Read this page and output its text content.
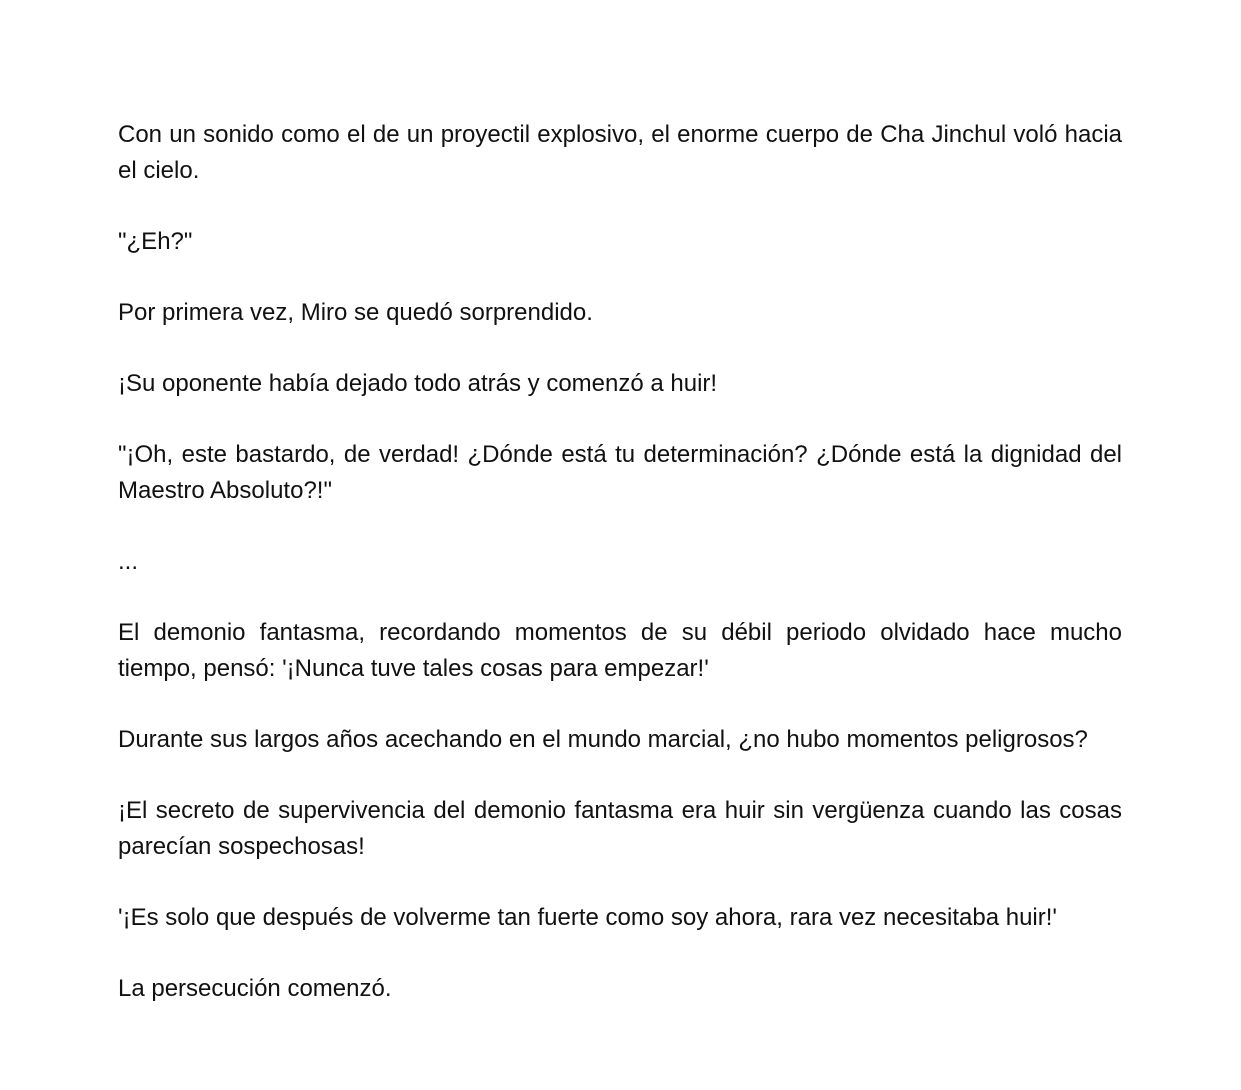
Con un sonido como el de un proyectil explosivo, el enorme cuerpo de Cha Jinchul voló hacia el cielo.

"¿Eh?"

Por primera vez, Miro se quedó sorprendido.

¡Su oponente había dejado todo atrás y comenzó a huir!

"¡Oh, este bastardo, de verdad! ¿Dónde está tu determinación? ¿Dónde está la dignidad del Maestro Absoluto?!"

...

El demonio fantasma, recordando momentos de su débil periodo olvidado hace mucho tiempo, pensó: '¡Nunca tuve tales cosas para empezar!'

Durante sus largos años acechando en el mundo marcial, ¿no hubo momentos peligrosos?

¡El secreto de supervivencia del demonio fantasma era huir sin vergüenza cuando las cosas parecían sospechosas!

'¡Es solo que después de volverme tan fuerte como soy ahora, rara vez necesitaba huir!'

La persecución comenzó.
